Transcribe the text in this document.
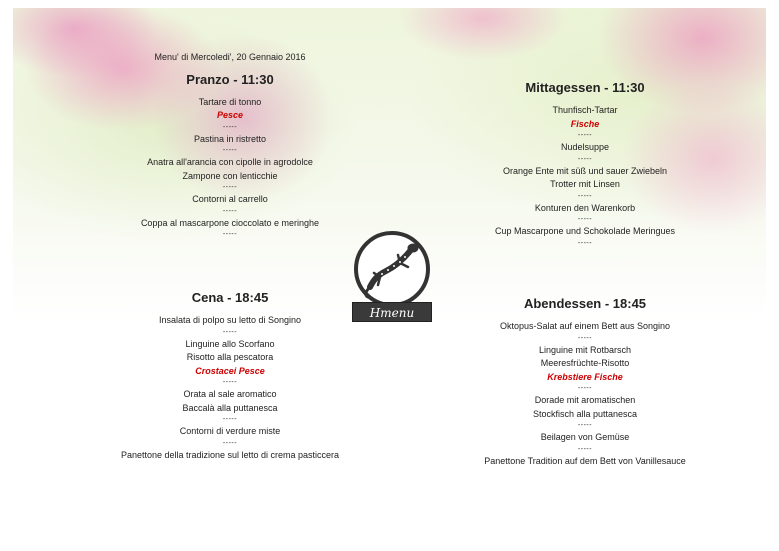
Menu' di Mercoledi', 20 Gennaio 2016
Pranzo - 11:30
Tartare di tonno
Pesce
-----
Pastina in ristretto
-----
Anatra all'arancia con cipolle in agrodolce
Zampone con lenticchie
-----
Contorni al carrello
-----
Coppa al mascarpone cioccolato e meringhe
-----
Cena - 18:45
Insalata di polpo su letto di Songino
-----
Linguine allo Scorfano
Risotto alla pescatora
Crostacei Pesce
-----
Orata al sale aromatico
Baccalà alla puttanesca
-----
Contorni di verdure miste
-----
Panettone della tradizione sul letto di crema pasticcera
Mittagessen - 11:30
Thunfisch-Tartar
Fische
-----
Nudelsuppe
-----
Orange Ente mit süß und sauer Zwiebeln
Trotter mit Linsen
-----
Konturen den Warenkorb
-----
Cup Mascarpone und Schokolade Meringues
-----
Abendessen - 18:45
Oktopus-Salat auf einem Bett aus Songino
-----
Linguine mit Rotbarsch
Meeresfrüchte-Risotto
Krebstiere Fische
-----
Dorade mit aromatischen
Stockfisch alla puttanesca
-----
Beilagen von Gemüse
-----
Panettone Tradition auf dem Bett von Vanillesauce
Hmenu
